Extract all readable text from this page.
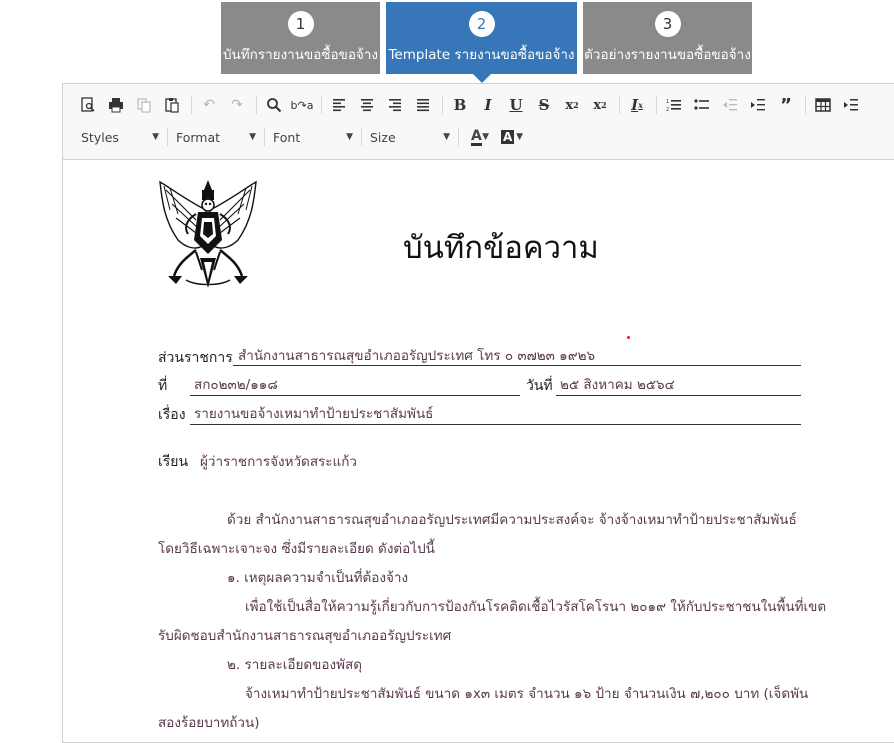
1
บันทึกรายงานขอซื้อขอจ้าง
2
Template รายงานขอซื้อขอจ้าง
3
ตัวอย่างรายงานขอซื้อขอจ้าง
↶	↷	b↷a	B	I	U	S	x 2	x 2	I x	1
2	”
Styles	▼ Format	▼ Font	▼ Size	▼ A ▼ A ▼
บันทึกข้อความ
ส่วนราชการ สำนักงานสาธารณสุขอำเภออรัญประเทศ โทร ๐ ๓๗๒๓ ๑๙๒๖
ที่ สก๐๒๓๒/๑๑๘	วันที่ ๒๕ สิงหาคม ๒๕๖๔
เรื่อง รายงานขอจ้างเหมาทำป้ายประชาสัมพันธ์
เรียน ผู้ว่าราชการจังหวัดสระแก้ว
ด้วย สำนักงานสาธารณสุขอำเภออรัญประเทศมีความประสงค์จะ จ้างจ้างเหมาทำป้ายประชาสัมพันธ์
โดยวิธีเฉพาะเจาะจง ซึ่งมีรายละเอียด ดังต่อไปนี้
๑. เหตุผลความจำเป็นที่ต้องจ้าง
เพื่อใช้เป็นสื่อให้ความรู้เกี่ยวกับการป้องกันโรคติดเชื้อไวรัสโคโรนา ๒๐๑๙ ให้กับประชาชนในพื้นที่เขต
รับผิดชอบสำนักงานสาธารณสุขอำเภออรัญประเทศ
๒. รายละเอียดของพัสดุ
จ้างเหมาทำป้ายประชาสัมพันธ์ ขนาด ๑x๓ เมตร จำนวน ๑๖ ป้าย จำนวนเงิน ๗,๒๐๐ บาท (เจ็ดพัน
สองร้อยบาทถ้วน)
